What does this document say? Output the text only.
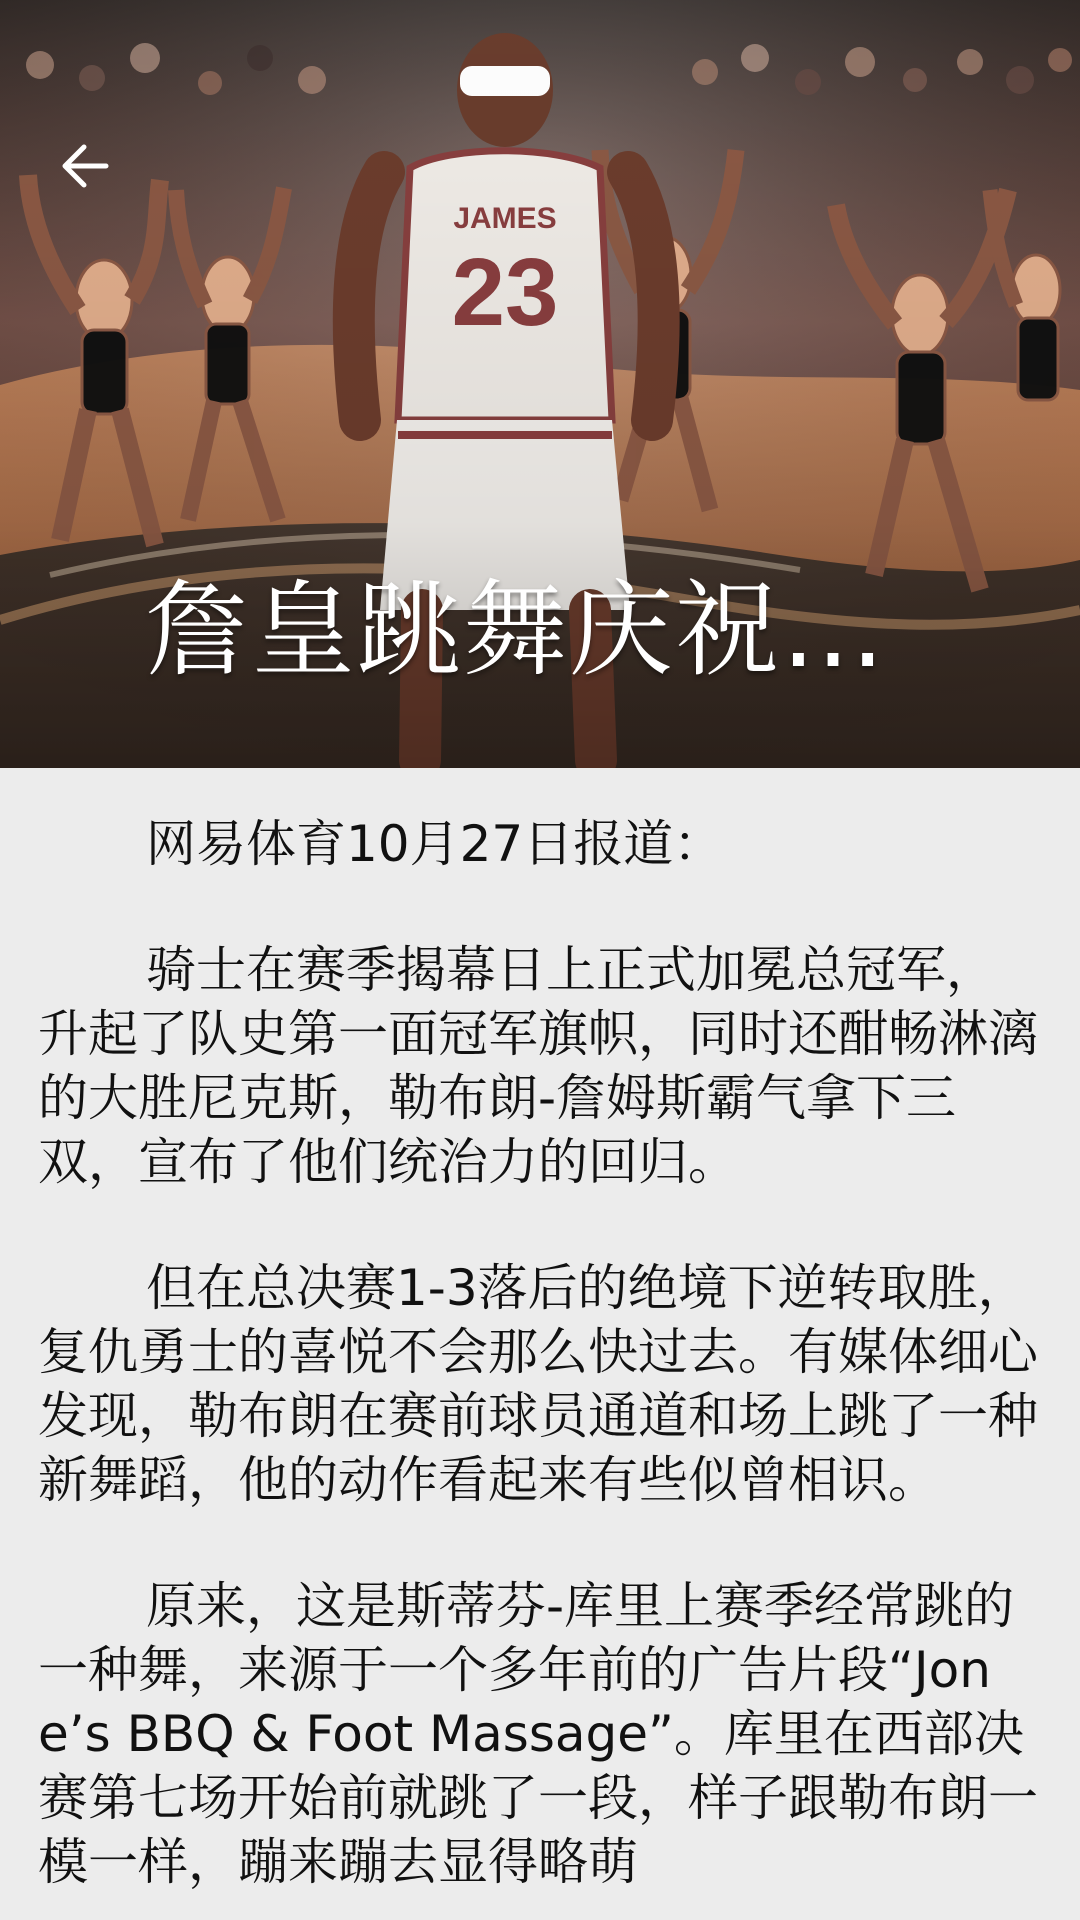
詹皇跳舞庆祝…

网易体育10月27日报道：

骑士在赛季揭幕日上正式加冕总冠军，升起了队史第一面冠军旗帜，同时还酣畅淋漓的大胜尼克斯，勒布朗-詹姆斯霸气拿下三双，宣布了他们统治力的回归。

但在总决赛1-3落后的绝境下逆转取胜，复仇勇士的喜悦不会那么快过去。有媒体细心发现，勒布朗在赛前球员通道和场上跳了一种新舞蹈，他的动作看起来有些似曾相识。

原来，这是斯蒂芬-库里上赛季经常跳的一种舞，来源于一个多年前的广告片段“Jone’s BBQ & Foot Massage”。库里在西部决赛第七场开始前就跳了一段，样子跟勒布朗一模一样，蹦来蹦去显得略萌
